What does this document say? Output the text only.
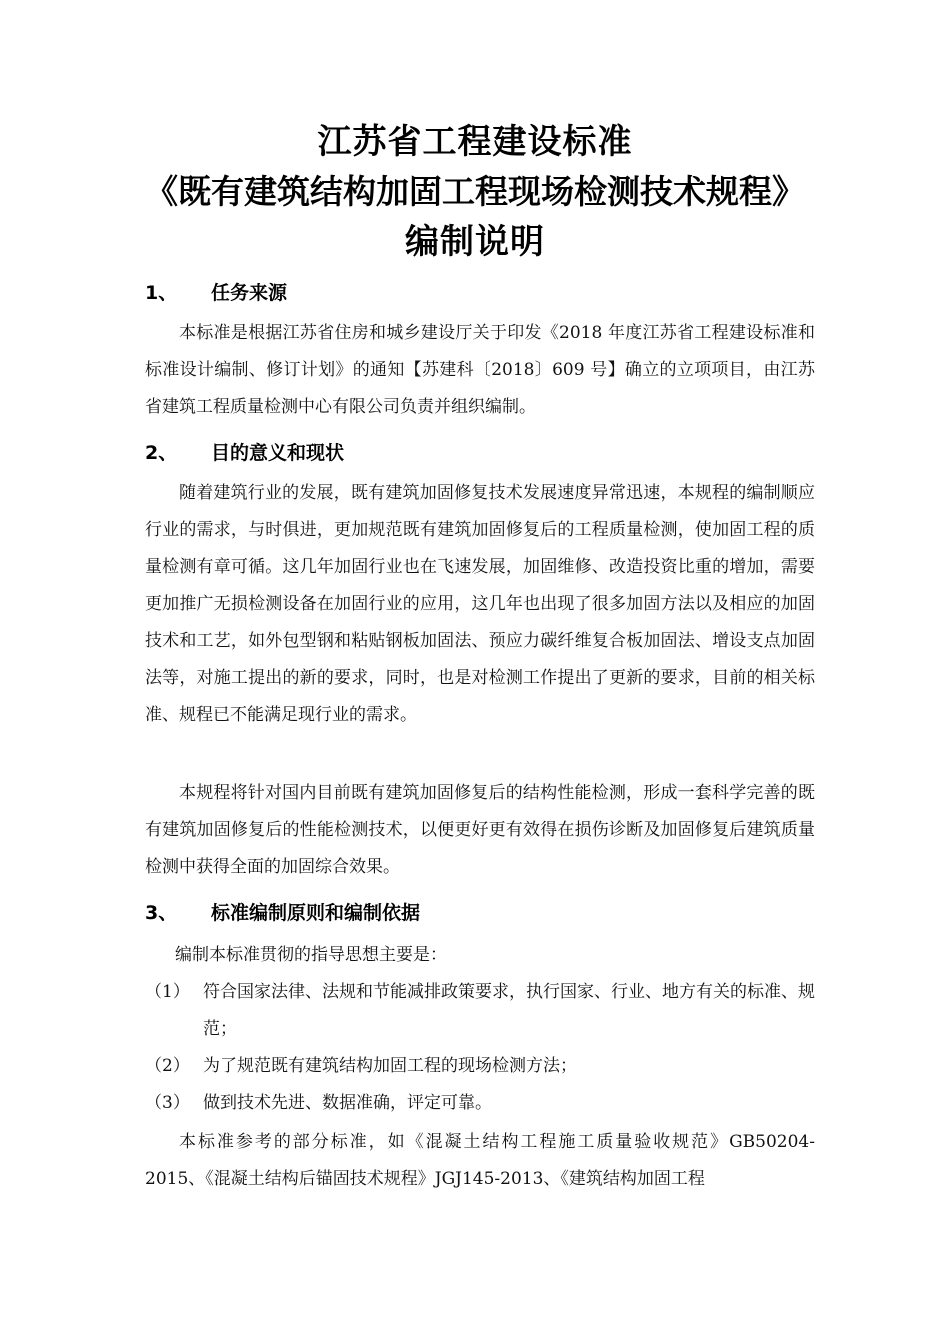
江苏省工程建设标准
《既有建筑结构加固工程现场检测技术规程》
编制说明
1、 任务来源

本标准是根据江苏省住房和城乡建设厅关于印发《2018 年度江苏省工程建设标准和标准设计编制、修订计划》的通知【苏建科〔2018〕609 号】确立的立项项目，由江苏省建筑工程质量检测中心有限公司负责并组织编制。

2、 目的意义和现状

随着建筑行业的发展，既有建筑加固修复技术发展速度异常迅速，本规程的编制顺应行业的需求，与时俱进，更加规范既有建筑加固修复后的工程质量检测，使加固工程的质量检测有章可循。这几年加固行业也在飞速发展，加固维修、改造投资比重的增加，需要更加推广无损检测设备在加固行业的应用，这几年也出现了很多加固方法以及相应的加固技术和工艺，如外包型钢和粘贴钢板加固法、预应力碳纤维复合板加固法、增设支点加固法等，对施工提出的新的要求，同时，也是对检测工作提出了更新的要求，目前的相关标准、规程已不能满足现行业的需求。

本规程将针对国内目前既有建筑加固修复后的结构性能检测，形成一套科学完善的既有建筑加固修复后的性能检测技术，以便更好更有效得在损伤诊断及加固修复后建筑质量检测中获得全面的加固综合效果。

3、 标准编制原则和编制依据

编制本标准贯彻的指导思想主要是：

（1） 符合国家法律、法规和节能减排政策要求，执行国家、行业、地方有关的标准、规范；
（2） 为了规范既有建筑结构加固工程的现场检测方法；
（3） 做到技术先进、数据准确，评定可靠。

本标准参考的部分标准，如《混凝土结构工程施工质量验收规范》GB50204-2015、《混凝土结构后锚固技术规程》JGJ145-2013、《建筑结构加固工程
